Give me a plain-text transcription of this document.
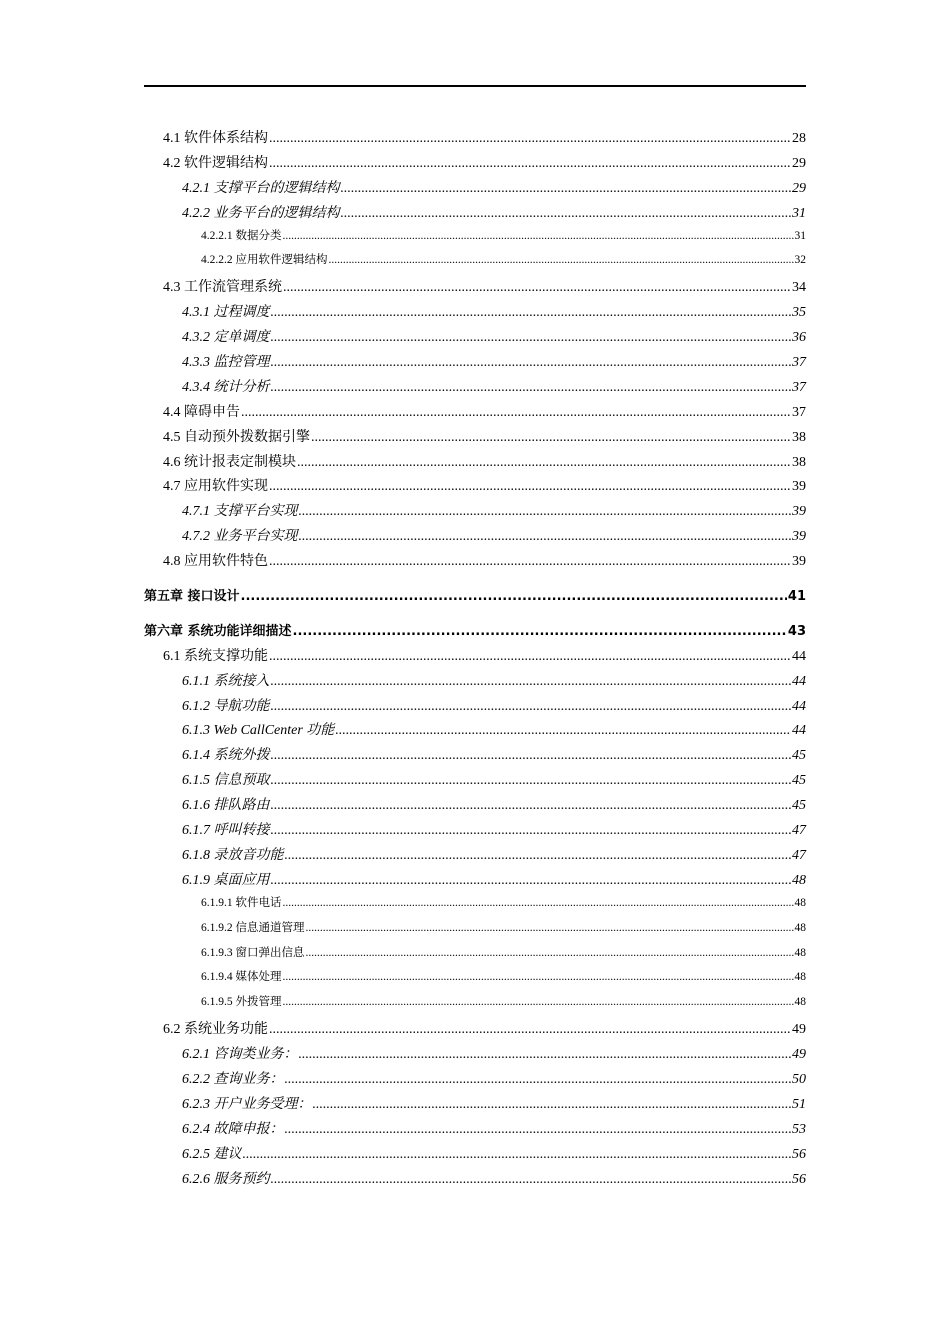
4.1 软件体系结构 .....	28
4.2 软件逻辑结构 .....	29
4.2.1 支撑平台的逻辑结构 .....	29
4.2.2 业务平台的逻辑结构 .....	31
4.2.2.1 数据分类 .....	31
4.2.2.2 应用软件逻辑结构 .....	32
4.3 工作流管理系统 .....	34
4.3.1 过程调度 .....	35
4.3.2 定单调度 .....	36
4.3.3 监控管理 .....	37
4.3.4 统计分析 .....	37
4.4 障碍申告 .....	37
4.5 自动预外拨数据引擎 .....	38
4.6 统计报表定制模块 .....	38
4.7 应用软件实现 .....	39
4.7.1 支撑平台实现 .....	39
4.7.2 业务平台实现 .....	39
4.8 应用软件特色 .....	39
第五章 接口设计 .....	41
第六章 系统功能详细描述 .....	43
6.1 系统支撑功能 .....	44
6.1.1 系统接入 .....	44
6.1.2 导航功能 .....	44
6.1.3 Web CallCenter 功能 .....	44
6.1.4 系统外拨 .....	45
6.1.5 信息预取 .....	45
6.1.6 排队路由 .....	45
6.1.7 呼叫转接 .....	47
6.1.8 录放音功能 .....	47
6.1.9 桌面应用 .....	48
6.1.9.1 软件电话 .....	48
6.1.9.2 信息通道管理 .....	48
6.1.9.3 窗口弹出信息 .....	48
6.1.9.4 媒体处理 .....	48
6.1.9.5 外拨管理 .....	48
6.2 系统业务功能 .....	49
6.2.1 咨询类业务： .....	49
6.2.2 查询业务： .....	50
6.2.3 开户业务受理： .....	51
6.2.4 故障申报： .....	53
6.2.5 建议 .....	56
6.2.6 服务预约 .....	56
